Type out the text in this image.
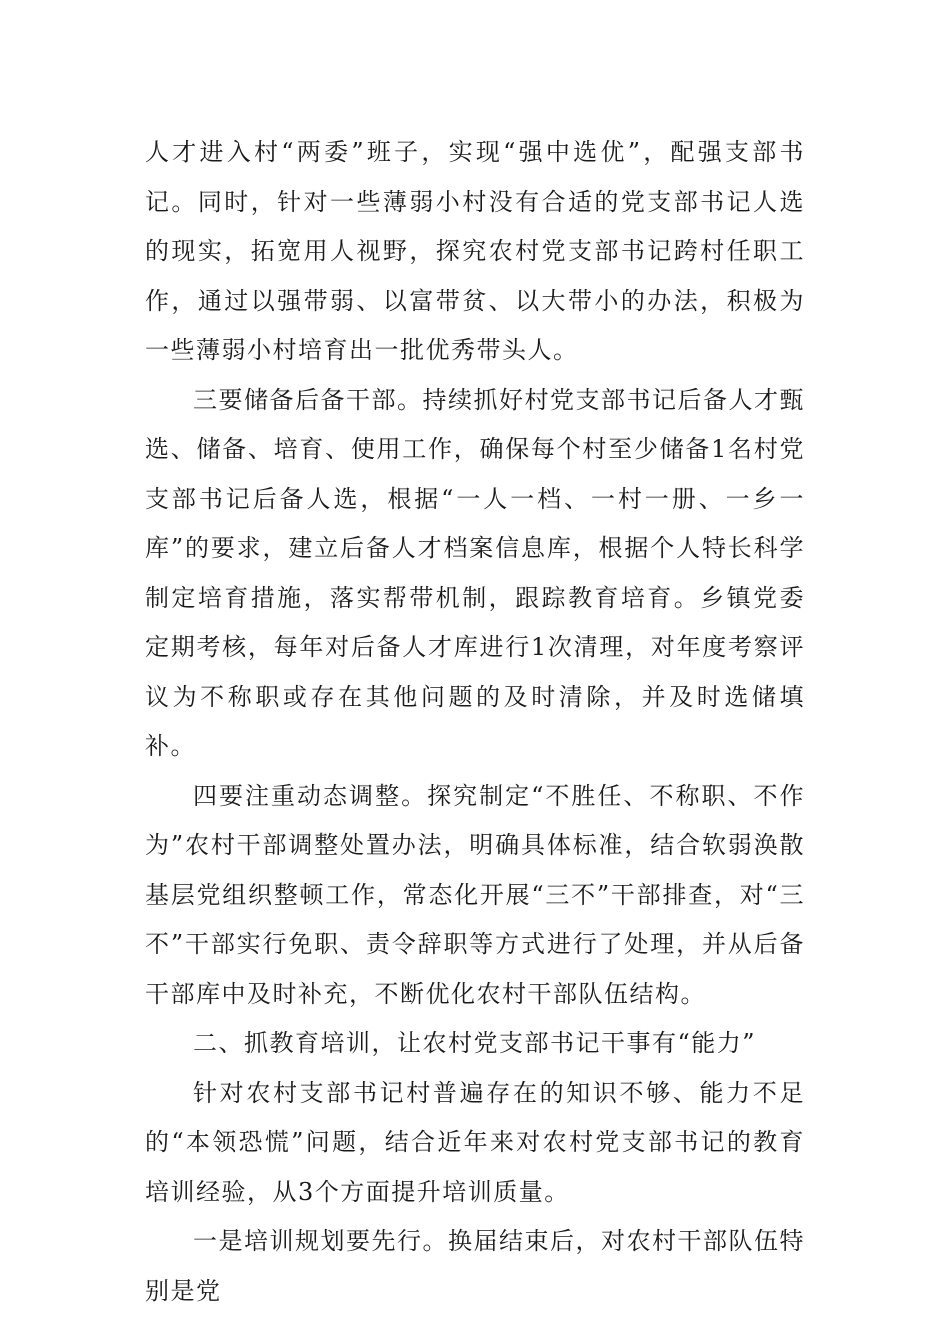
人才进入村“两委”班子，实现“强中选优”，配强支部书记。同时，针对一些薄弱小村没有合适的党支部书记人选的现实，拓宽用人视野，探究农村党支部书记跨村任职工作，通过以强带弱、以富带贫、以大带小的办法，积极为一些薄弱小村培育出一批优秀带头人。

三要储备后备干部。持续抓好村党支部书记后备人才甄选、储备、培育、使用工作，确保每个村至少储备1名村党支部书记后备人选，根据“一人一档、一村一册、一乡一库”的要求，建立后备人才档案信息库，根据个人特长科学制定培育措施，落实帮带机制，跟踪教育培育。乡镇党委定期考核，每年对后备人才库进行1次清理，对年度考察评议为不称职或存在其他问题的及时清除，并及时选储填补。

四要注重动态调整。探究制定“不胜任、不称职、不作为”农村干部调整处置办法，明确具体标准，结合软弱涣散基层党组织整顿工作，常态化开展“三不”干部排查，对“三不”干部实行免职、责令辞职等方式进行了处理，并从后备干部库中及时补充，不断优化农村干部队伍结构。

二、抓教育培训，让农村党支部书记干事有“能力”

针对农村支部书记村普遍存在的知识不够、能力不足的“本领恐慌”问题，结合近年来对农村党支部书记的教育培训经验，从3个方面提升培训质量。

一是培训规划要先行。换届结束后，对农村干部队伍特别是党
